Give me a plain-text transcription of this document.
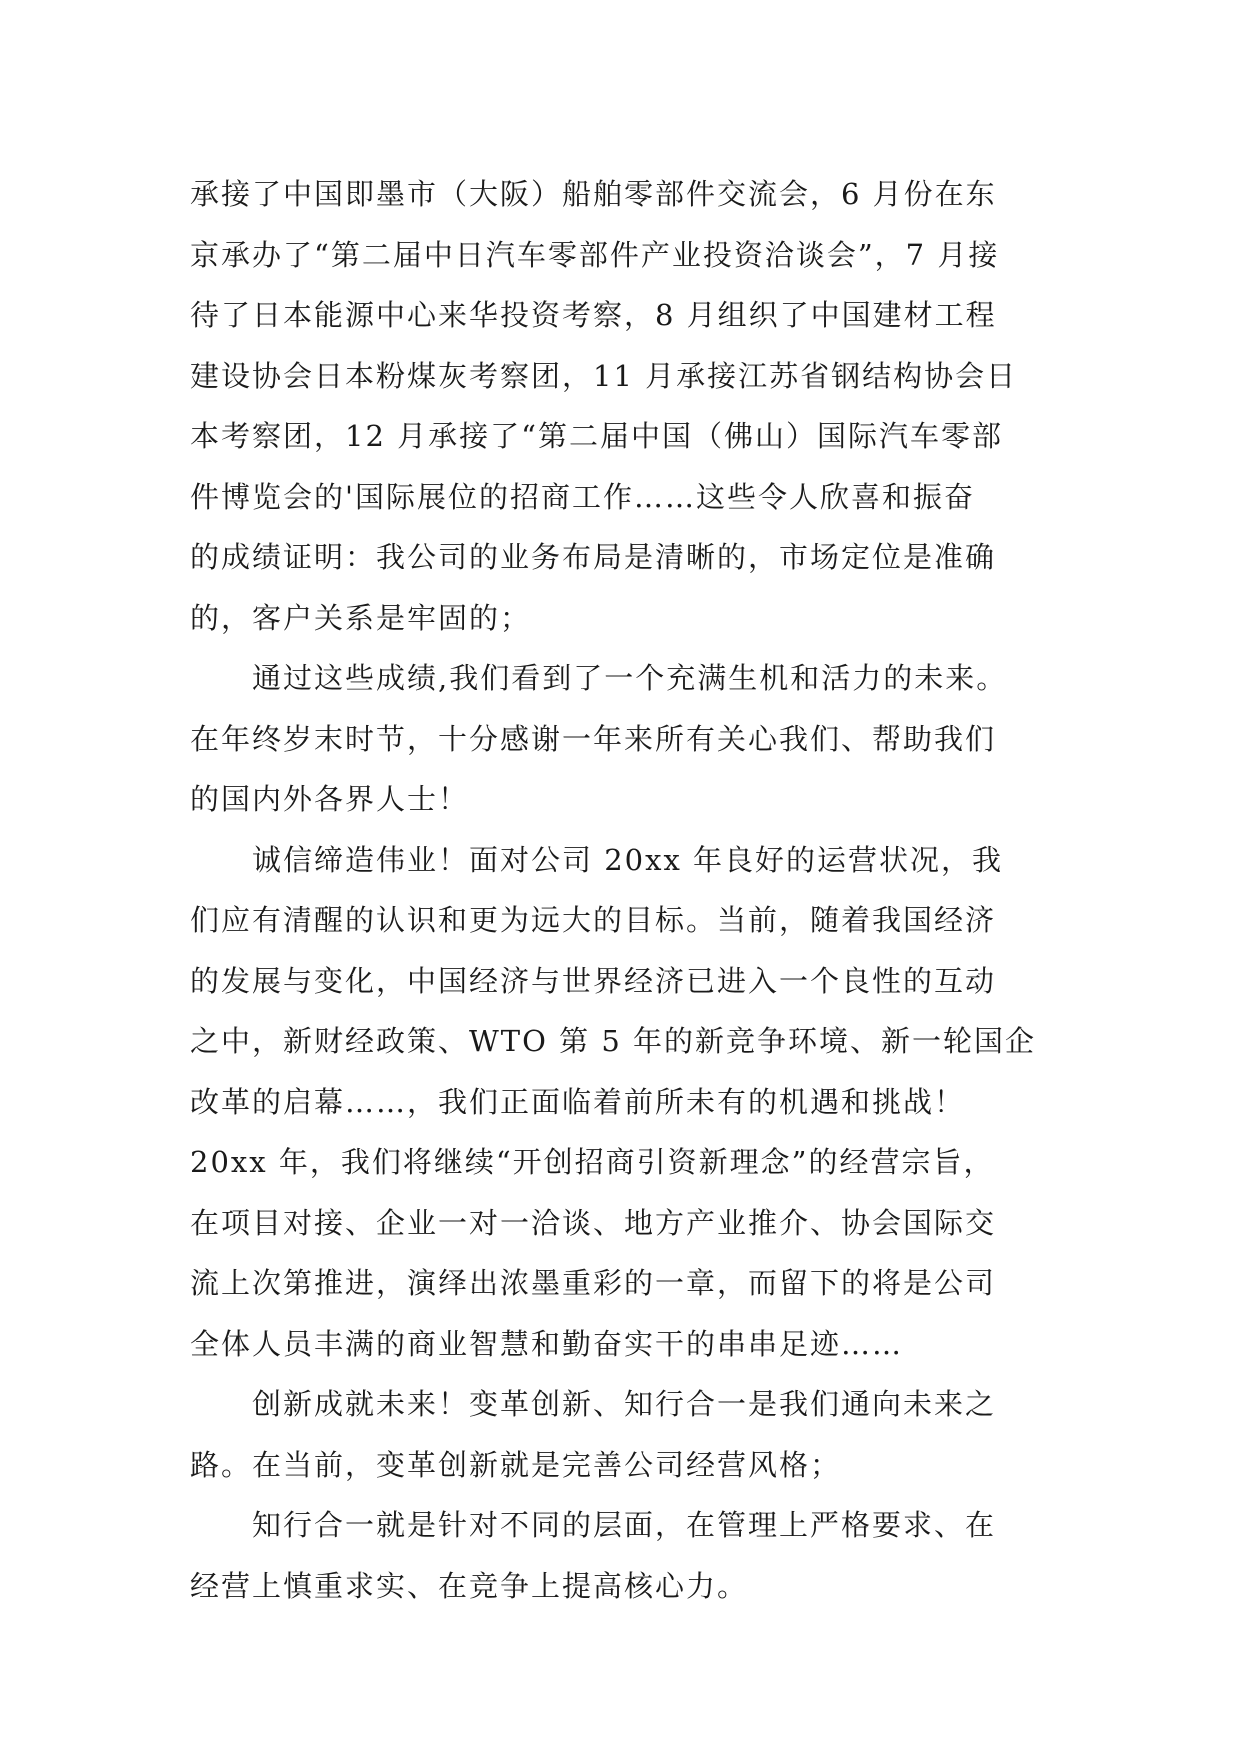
承接了中国即墨市（大阪）船舶零部件交流会，6 月份在东
京承办了“第二届中日汽车零部件产业投资洽谈会”，7 月接
待了日本能源中心来华投资考察，8 月组织了中国建材工程
建设协会日本粉煤灰考察团，11 月承接江苏省钢结构协会日
本考察团，12 月承接了“第二届中国（佛山）国际汽车零部
件博览会的'国际展位的招商工作……这些令人欣喜和振奋
的成绩证明：我公司的业务布局是清晰的，市场定位是准确
的，客户关系是牢固的；
通过这些成绩,我们看到了一个充满生机和活力的未来。
在年终岁末时节，十分感谢一年来所有关心我们、帮助我们
的国内外各界人士！
诚信缔造伟业！面对公司 20xx 年良好的运营状况，我
们应有清醒的认识和更为远大的目标。当前，随着我国经济
的发展与变化，中国经济与世界经济已进入一个良性的互动
之中，新财经政策、WTO 第 5 年的新竞争环境、新一轮国企
改革的启幕……，我们正面临着前所未有的机遇和挑战！
20xx 年，我们将继续“开创招商引资新理念”的经营宗旨，
在项目对接、企业一对一洽谈、地方产业推介、协会国际交
流上次第推进，演绎出浓墨重彩的一章，而留下的将是公司
全体人员丰满的商业智慧和勤奋实干的串串足迹……
创新成就未来！变革创新、知行合一是我们通向未来之
路。在当前，变革创新就是完善公司经营风格；
知行合一就是针对不同的层面，在管理上严格要求、在
经营上慎重求实、在竞争上提高核心力。
